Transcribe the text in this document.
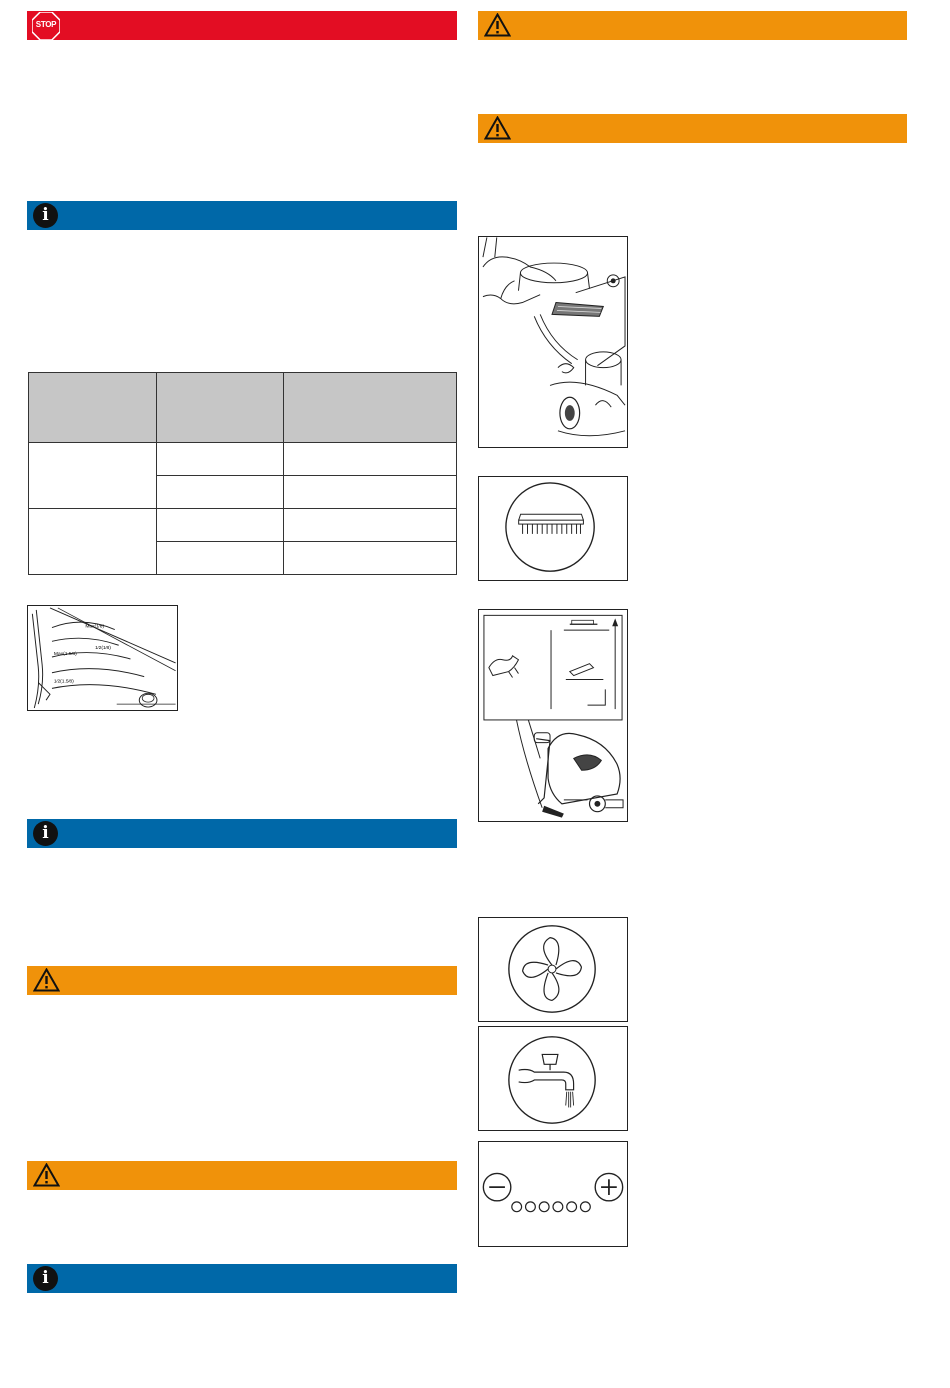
STOP
i

Max(1⁄8)
Max(1.5⁄8)
1⁄2(1⁄8)
1⁄2(1.5⁄8)
i
i
